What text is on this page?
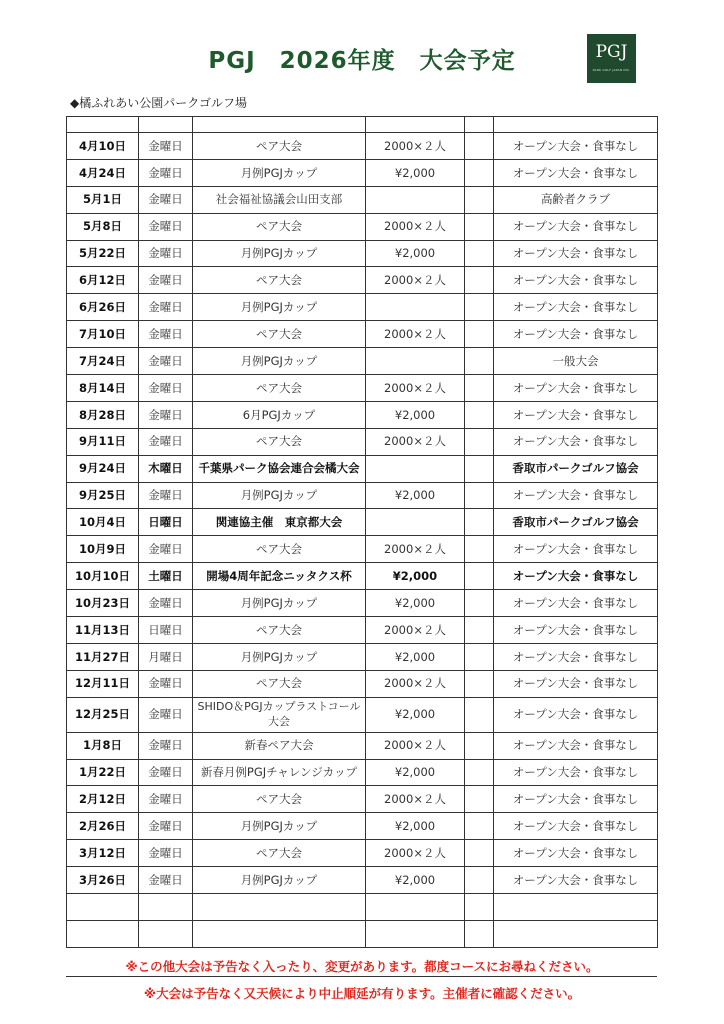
PGJ　2026年度　大会予定	PGJ
PARK GOLF JAPAN INC.
◆橘ふれあい公園パークゴルフ場

4月10日	金曜日	ペア大会	2000×２人		オープン大会・食事なし
4月24日	金曜日	月例PGJカップ	¥2,000		オープン大会・食事なし
5月1日	金曜日	社会福祉協議会山田支部			高齢者クラブ
5月8日	金曜日	ペア大会	2000×２人		オープン大会・食事なし
5月22日	金曜日	月例PGJカップ	¥2,000		オープン大会・食事なし
6月12日	金曜日	ペア大会	2000×２人		オープン大会・食事なし
6月26日	金曜日	月例PGJカップ			オープン大会・食事なし
7月10日	金曜日	ペア大会	2000×２人		オープン大会・食事なし
7月24日	金曜日	月例PGJカップ			一般大会
8月14日	金曜日	ペア大会	2000×２人		オープン大会・食事なし
8月28日	金曜日	6月PGJカップ	¥2,000		オープン大会・食事なし
9月11日	金曜日	ペア大会	2000×２人		オープン大会・食事なし
9月24日	木曜日	千葉県パーク協会連合会橘大会			香取市パークゴルフ協会
9月25日	金曜日	月例PGJカップ	¥2,000		オープン大会・食事なし
10月4日	日曜日	関連協主催　東京都大会			香取市パークゴルフ協会
10月9日	金曜日	ペア大会	2000×２人		オープン大会・食事なし
10月10日	土曜日	開場4周年記念ニッタクス杯	¥2,000		オープン大会・食事なし
10月23日	金曜日	月例PGJカップ	¥2,000		オープン大会・食事なし
11月13日	日曜日	ペア大会	2000×２人		オープン大会・食事なし
11月27日	月曜日	月例PGJカップ	¥2,000		オープン大会・食事なし
12月11日	金曜日	ペア大会	2000×２人		オープン大会・食事なし
12月25日	金曜日	SHIDO＆PGJカップラストコール大会	¥2,000		オープン大会・食事なし
1月8日	金曜日	新春ペア大会	2000×２人		オープン大会・食事なし
1月22日	金曜日	新春月例PGJチャレンジカップ	¥2,000		オープン大会・食事なし
2月12日	金曜日	ペア大会	2000×２人		オープン大会・食事なし
2月26日	金曜日	月例PGJカップ	¥2,000		オープン大会・食事なし
3月12日	金曜日	ペア大会	2000×２人		オープン大会・食事なし
3月26日	金曜日	月例PGJカップ	¥2,000		オープン大会・食事なし

※この他大会は予告なく入ったり、変更があります。都度コースにお尋ねください。
※大会は予告なく又天候により中止順延が有ります。主催者に確認ください。
